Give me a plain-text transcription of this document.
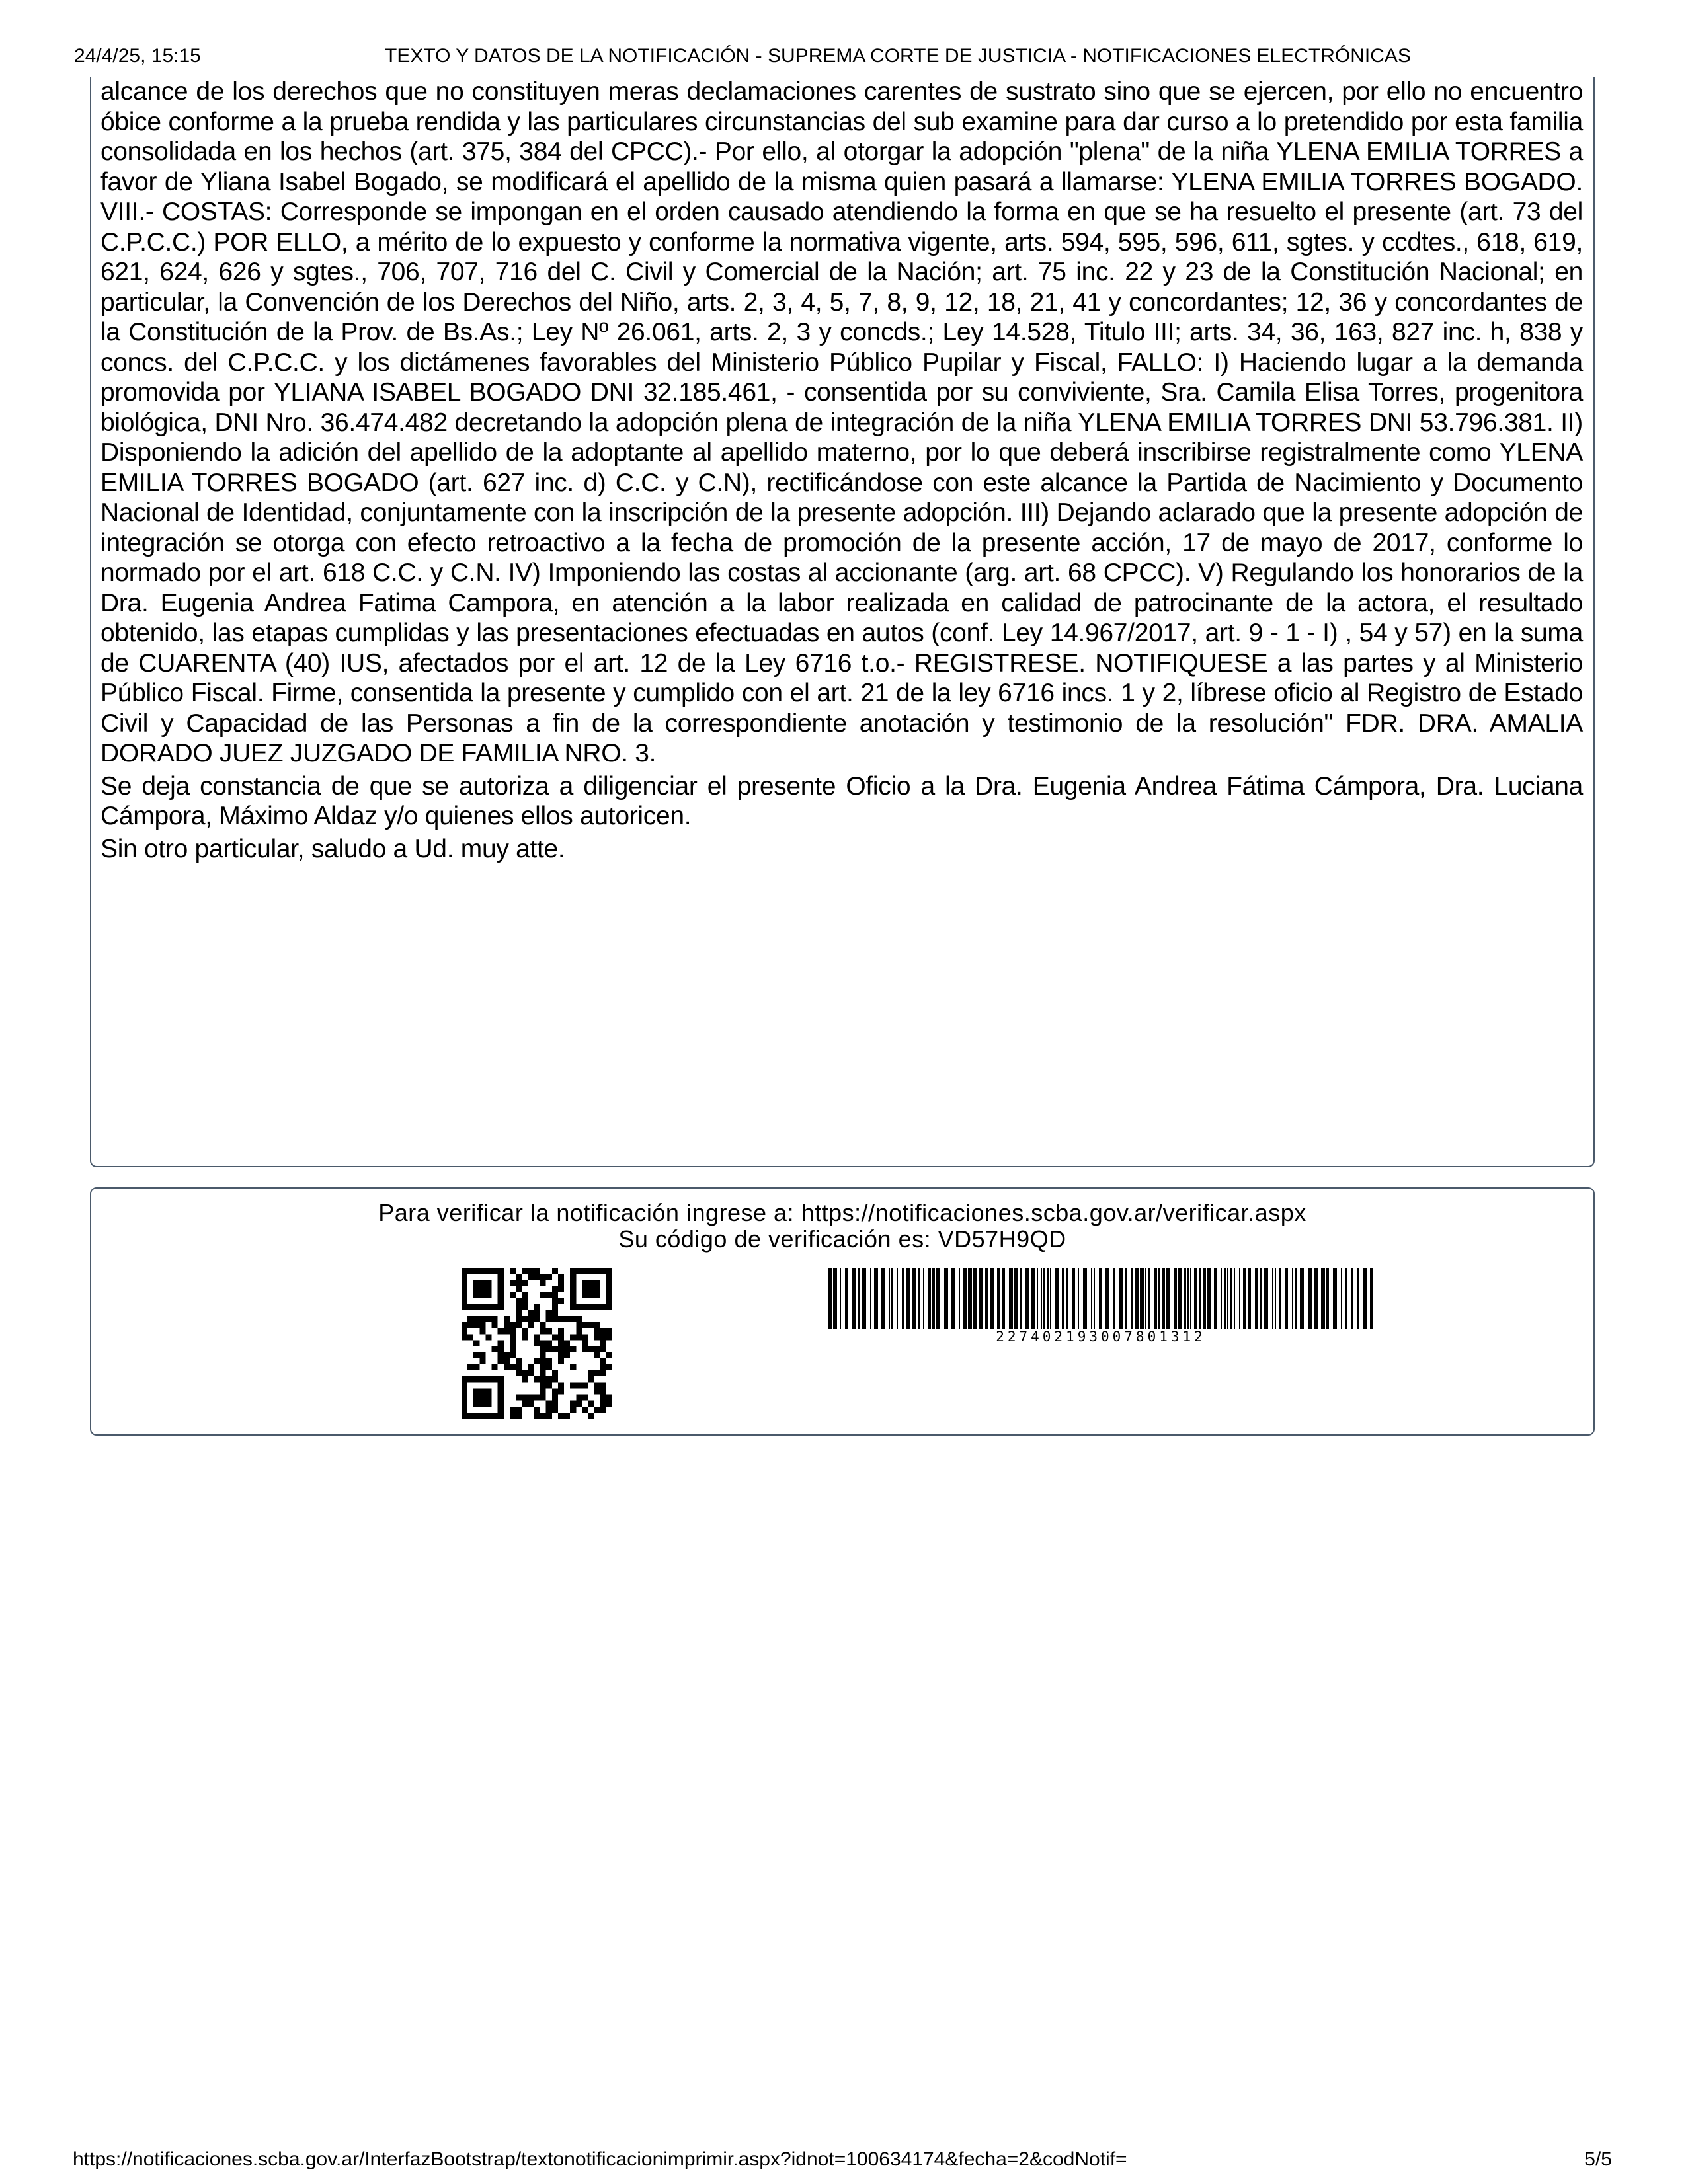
24/4/25, 15:15	TEXTO Y DATOS DE LA NOTIFICACIÓN - SUPREMA CORTE DE JUSTICIA - NOTIFICACIONES ELECTRÓNICAS

alcance de los derechos que no constituyen meras declamaciones carentes de sustrato sino que se ejercen, por ello no encuentro óbice conforme a la prueba rendida y las particulares circunstancias del sub examine para dar curso a lo pretendido por esta familia consolidada en los hechos (art. 375, 384 del CPCC).- Por ello, al otorgar la adopción "plena" de la niña YLENA EMILIA TORRES a favor de Yliana Isabel Bogado, se modificará el apellido de la misma quien pasará a llamarse: YLENA EMILIA TORRES BOGADO. VIII.- COSTAS: Corresponde se impongan en el orden causado atendiendo la forma en que se ha resuelto el presente (art. 73 del C.P.C.C.) POR ELLO, a mérito de lo expuesto y conforme la normativa vigente, arts. 594, 595, 596, 611, sgtes. y ccdtes., 618, 619, 621, 624, 626 y sgtes., 706, 707, 716 del C. Civil y Comercial de la Nación; art. 75 inc. 22 y 23 de la Constitución Nacional; en particular, la Convención de los Derechos del Niño, arts. 2, 3, 4, 5, 7, 8, 9, 12, 18, 21, 41 y concordantes; 12, 36 y concordantes de la Constitución de la Prov. de Bs.As.; Ley Nº 26.061, arts. 2, 3 y concds.; Ley 14.528, Titulo III; arts. 34, 36, 163, 827 inc. h, 838 y concs. del C.P.C.C. y los dictámenes favorables del Ministerio Público Pupilar y Fiscal, FALLO: I) Haciendo lugar a la demanda promovida por YLIANA ISABEL BOGADO DNI 32.185.461, - consentida por su conviviente, Sra. Camila Elisa Torres, progenitora biológica, DNI Nro. 36.474.482 decretando la adopción plena de integración de la niña YLENA EMILIA TORRES DNI 53.796.381. II) Disponiendo la adición del apellido de la adoptante al apellido materno, por lo que deberá inscribirse registralmente como YLENA EMILIA TORRES BOGADO (art. 627 inc. d) C.C. y C.N), rectificándose con este alcance la Partida de Nacimiento y Documento Nacional de Identidad, conjuntamente con la inscripción de la presente adopción. III) Dejando aclarado que la presente adopción de integración se otorga con efecto retroactivo a la fecha de promoción de la presente acción, 17 de mayo de 2017, conforme lo normado por el art. 618 C.C. y C.N. IV) Imponiendo las costas al accionante (arg. art. 68 CPCC). V) Regulando los honorarios de la Dra. Eugenia Andrea Fatima Campora, en atención a la labor realizada en calidad de patrocinante de la actora, el resultado obtenido, las etapas cumplidas y las presentaciones efectuadas en autos (conf. Ley 14.967/2017, art. 9 - 1 - I) , 54 y 57) en la suma de CUARENTA (40) IUS, afectados por el art. 12 de la Ley 6716 t.o.- REGISTRESE. NOTIFIQUESE a las partes y al Ministerio Público Fiscal. Firme, consentida la presente y cumplido con el art. 21 de la ley 6716 incs. 1 y 2, líbrese oficio al Registro de Estado Civil y Capacidad de las Personas a fin de la correspondiente anotación y testimonio de la resolución" FDR. DRA. AMALIA DORADO JUEZ JUZGADO DE FAMILIA NRO. 3.

Se deja constancia de que se autoriza a diligenciar el presente Oficio a la Dra. Eugenia Andrea Fátima Cámpora, Dra. Luciana Cámpora, Máximo Aldaz y/o quienes ellos autoricen.

Sin otro particular, saludo a Ud. muy atte.

Para verificar la notificación ingrese a: https://notificaciones.scba.gov.ar/verificar.aspx
Su código de verificación es: VD57H9QD
227402193007801312
https://notificaciones.scba.gov.ar/InterfazBootstrap/textonotificacionimprimir.aspx?idnot=100634174&fecha=2&codNotif=	5/5
